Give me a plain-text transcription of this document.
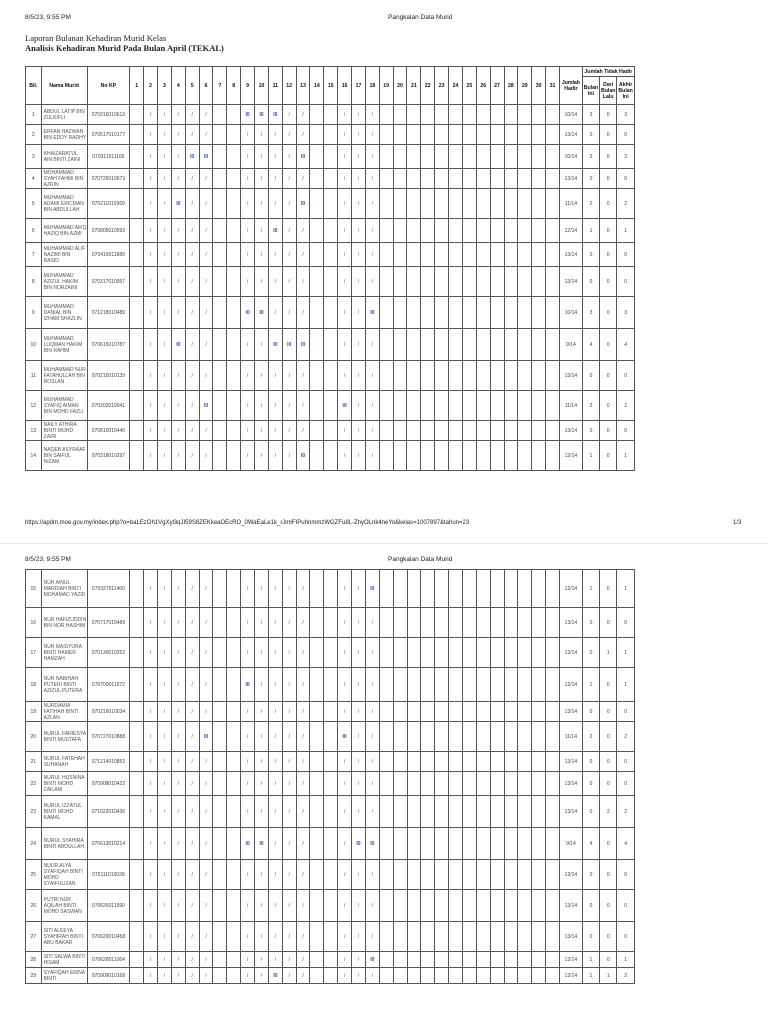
8/5/23, 9:55 PM	Pangkalan Data Murid
Laporan Bulanan Kehadiran Murid Kelas
Analisis Kehadiran Murid Pada Bulan April (TEKAL)
Bil.	Nama Murid	No KP	1	2	3	4	5	6	7	8	9	10	11	12	13	14	15	16	17	18	19	20	21	22	23	24	25	26	27	28	29	30	31	Jumlah Hadir	Jumlah Tidak Hadir		
																																			Bulan Ini	Dari Bulan Lalu	Akhir Bulan Ini
1	ABDUL LATIP BIN ZULKIFLI	070316010613		/	/	/	/	/			I0	I0	I0	/	/			/	/	/														10/14	3	0	3
2	ERFAN HAZWAN BIN EDDY RADHY	070517010177		/	/	/	/	/			/	/	/	/	/			/	/	/														13/14	0	0	0
3	KHAIZARATUL AIN BINTI ZAINI	070311011166		/	/	/	I0	I0			/	/	/	/	I0			/	/	/														10/14	3	0	3
4	MOHAMMAD SYAH FAHMI BIN AZRIN	070725010673		/	/	/	/	/			/	/	/	/	/			/	/	/														13/14	0	0	0
5	MUHAMMAD ADAMI ERICMAN BIN ABDULLAH	070211010369		/	/	I0	/	/			/	/	/	/	I0			/	/	/														11/14	2	0	2
6	MUHAMMAD AFIQ HAZIQ BIN AZMI	070805010593		/	/	/	/	/			/	/	I0	/	/			/	/	/														12/14	1	0	1
7	MUHAMMAD ALIF NAZIMI BIN RASID	070419011889		/	/	/	/	/			/	/	/	/	/			/	/	/														13/14	0	0	0
8	MUHAMMAD AZIZUL HAKIM BIN NORZAINI	070317010957		/	/	/	/	/			/	/	/	/	/			/	/	/														13/14	0	0	0
9	MUHAMMAD DANIAL BIN IZHAM SHAZLIN	071218010489		/	/	/	/	/			I0	I0	/	/	/			/	/	I0														10/14	3	0	3
10	MUHAMMAD LUQMAN HAKIM BIN RAHIM	070615010787		/	/	I0	/	/			/	/	I0	I0	I0			/	/	/														9/14	4	0	4
11	MUHAMMAD NUR FATAHULLAH BIN ROSLAN	070215010139		/	/	/	/	/			/	/	/	/	/			/	/	/														13/14	0	0	0
12	MUHAMMAD SYAFIQ AIMAN BIN MOHD FAZLI	070202010041		/	/	/	/	I0			/	/	/	/	/			I0	/	/														11/14	2	0	2
13	NAILY ATHIRA BINTI MOHD ZAIRI	070810010440		/	/	/	/	/			/	/	/	/	/			/	/	/														13/14	0	0	0
14	NAQEB ASYRAAF BIN SAIFUL NIZAM	070318010297		/	/	/	/	/			/	/	/	/	I0			/	/	/														12/14	1	0	1
https://apdm.moe.gov.my/index.php?o=baLEzGh1VgXyl3qJI59S8ZEKkeaOEcRO_0WaEaLe1k_rJmIFIPuhnmmzWGZFu8L-ZhyOLnk4neYo&kelas=1007897&tahun=23	1/3
8/5/23, 9:55 PM	Pangkalan Data Murid
15	NUR AINUL MARDIAH BINTI MOHAMAD YAZID	070327011400		/	/	/	/	/			/	/	/	/	/			/	/	I0														12/14	1	0	1
16	NUR HAFIZUDDIN BIN NOR HASHIM	070717010489		/	/	/	/	/			/	/	/	/	/			/	/	/														13/14	0	0	0
17	NUR MAISYURA BINTI HAMER HAMZAH	070130010252		/	/	/	/	/			/	/	/	/	/			/	/	/														13/14	0	1	1
18	NUR NABIHAH PUTERI BINTI AZIZUL PUTERA	070709011072		/	/	/	/	/			I0	/	/	/	/			/	/	/														12/14	1	0	1
19	NURDAMIA FATIHAH BINTI AZLAN	070216010034		/	/	/	/	/			/	/	/	/	/			/	/	/														13/14	0	0	0
20	NURUL FARIESYA BINTI MUSTAFA	070727010888		/	/	/	/	I0			/	/	/	/	/			I0	/	/														11/14	2	0	2
21	NURUL FATEHAH SUHANAH	071214010852		/	/	/	/	/			/	/	/	/	/			/	/	/														13/14	0	0	0
22	NURUL HUSNINA BINTI MOHD ZAILANI	070908010422		/	/	/	/	/			/	/	/	/	/			/	/	/														13/14	0	0	0
23	NURUL IZZATUL BINTI MOHD KAMAL	071022010436		/	/	/	/	/			/	/	/	/	/			/	/	/														13/14	0	2	2
24	NURUL SYAHIRA BINTI ABDULLAH	070613010214		/	/	/	/	/			I0	I0	/	/	/			/	I0	I0														9/14	4	0	4
25	NUUR ALYA SYAFIQAH BINTI MOHD SYAIFULIZAN	070111010038		/	/	/	/	/			/	/	/	/	/			/	/	/														13/14	0	0	0
26	PUTRI NUR AQILAH BINTI MOHD SASWAN	070626011590		/	/	/	/	/			/	/	/	/	/			/	/	/														13/14	0	0	0
27	SITI ALEEYA SYAHIRAH BINTI ABU BAKAR	070620010458		/	/	/	/	/			/	/	/	/	/			/	/	/														13/14	0	0	0
28	SITI SALWA BINTI HISAM	070628011064		/	/	/	/	/			/	/	/	/	/			/	/	I0														12/14	1	0	1
29	SYAFIQAH ERINA BINTI	070909010168		/	/	/	/	/			/	/	I0	/	/			/	/	/														12/14	1	1	2
